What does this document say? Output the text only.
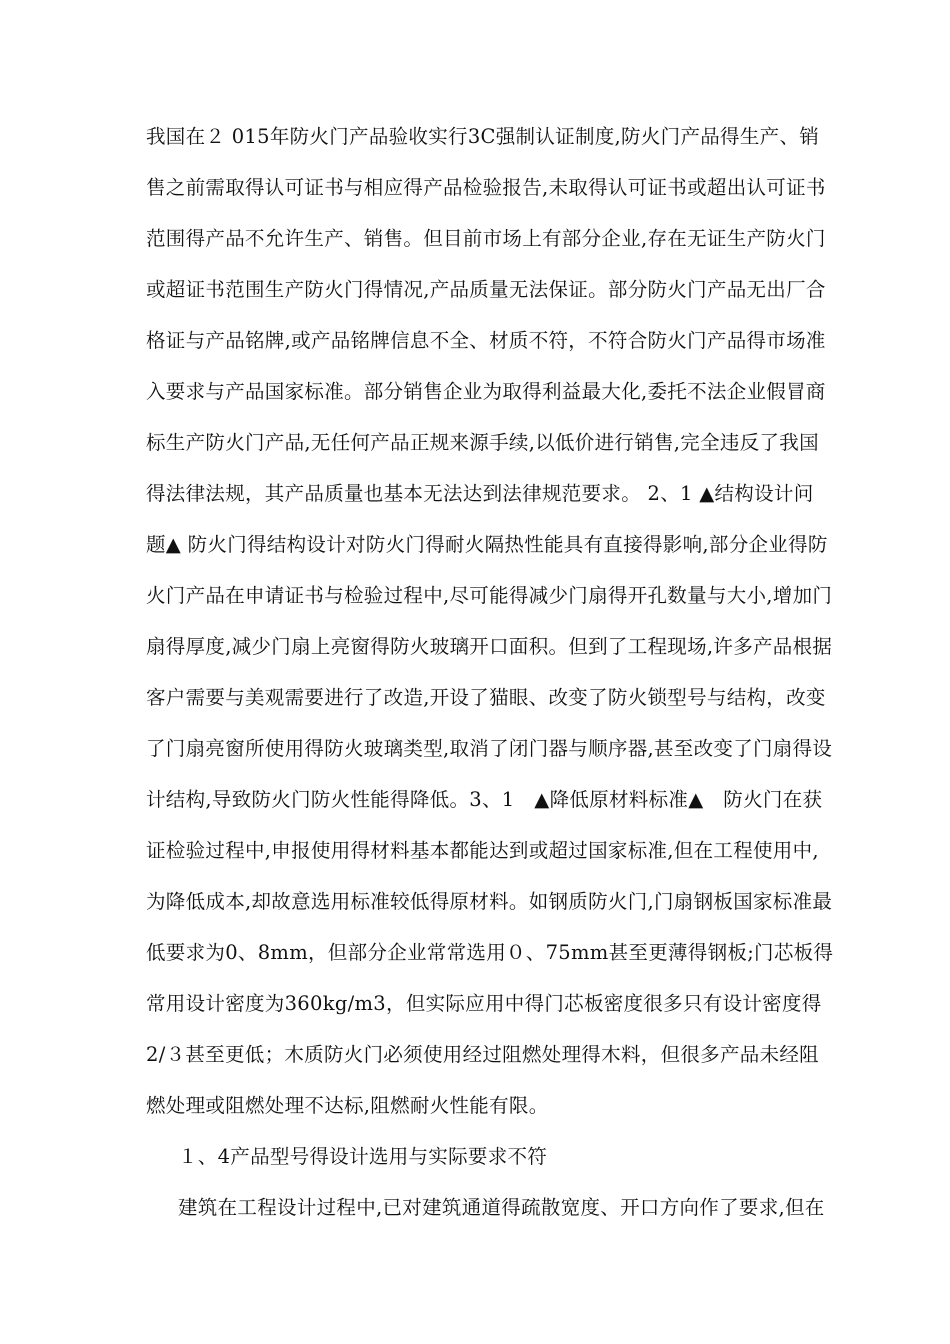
我国在２ 015年防火门产品验收实行3C强制认证制度,防火门产品得生产、销
售之前需取得认可证书与相应得产品检验报告,未取得认可证书或超出认可证书
范围得产品不允许生产、销售。但目前市场上有部分企业,存在无证生产防火门
或超证书范围生产防火门得情况,产品质量无法保证。部分防火门产品无出厂合
格证与产品铭牌,或产品铭牌信息不全、材质不符，不符合防火门产品得市场准
入要求与产品国家标准。部分销售企业为取得利益最大化,委托不法企业假冒商
标生产防火门产品,无任何产品正规来源手续,以低价进行销售,完全违反了我国
得法律法规，其产品质量也基本无法达到法律规范要求。 2、1 ▲结构设计问
题▲ 防火门得结构设计对防火门得耐火隔热性能具有直接得影响,部分企业得防
火门产品在申请证书与检验过程中,尽可能得减少门扇得开孔数量与大小,增加门
扇得厚度,减少门扇上亮窗得防火玻璃开口面积。但到了工程现场,许多产品根据
客户需要与美观需要进行了改造,开设了猫眼、改变了防火锁型号与结构，改变
了门扇亮窗所使用得防火玻璃类型,取消了闭门器与顺序器,甚至改变了门扇得设
计结构,导致防火门防火性能得降低。3、1　▲降低原材料标准▲　防火门在获
证检验过程中,申报使用得材料基本都能达到或超过国家标准,但在工程使用中,
为降低成本,却故意选用标准较低得原材料。如钢质防火门,门扇钢板国家标准最
低要求为0、8mm，但部分企业常常选用０、75mm甚至更薄得钢板;门芯板得
常用设计密度为360kg/m3，但实际应用中得门芯板密度很多只有设计密度得
2/３甚至更低；木质防火门必须使用经过阻燃处理得木料，但很多产品未经阻
燃处理或阻燃处理不达标,阻燃耐火性能有限。
１、4产品型号得设计选用与实际要求不符
建筑在工程设计过程中,已对建筑通道得疏散宽度、开口方向作了要求,但在
